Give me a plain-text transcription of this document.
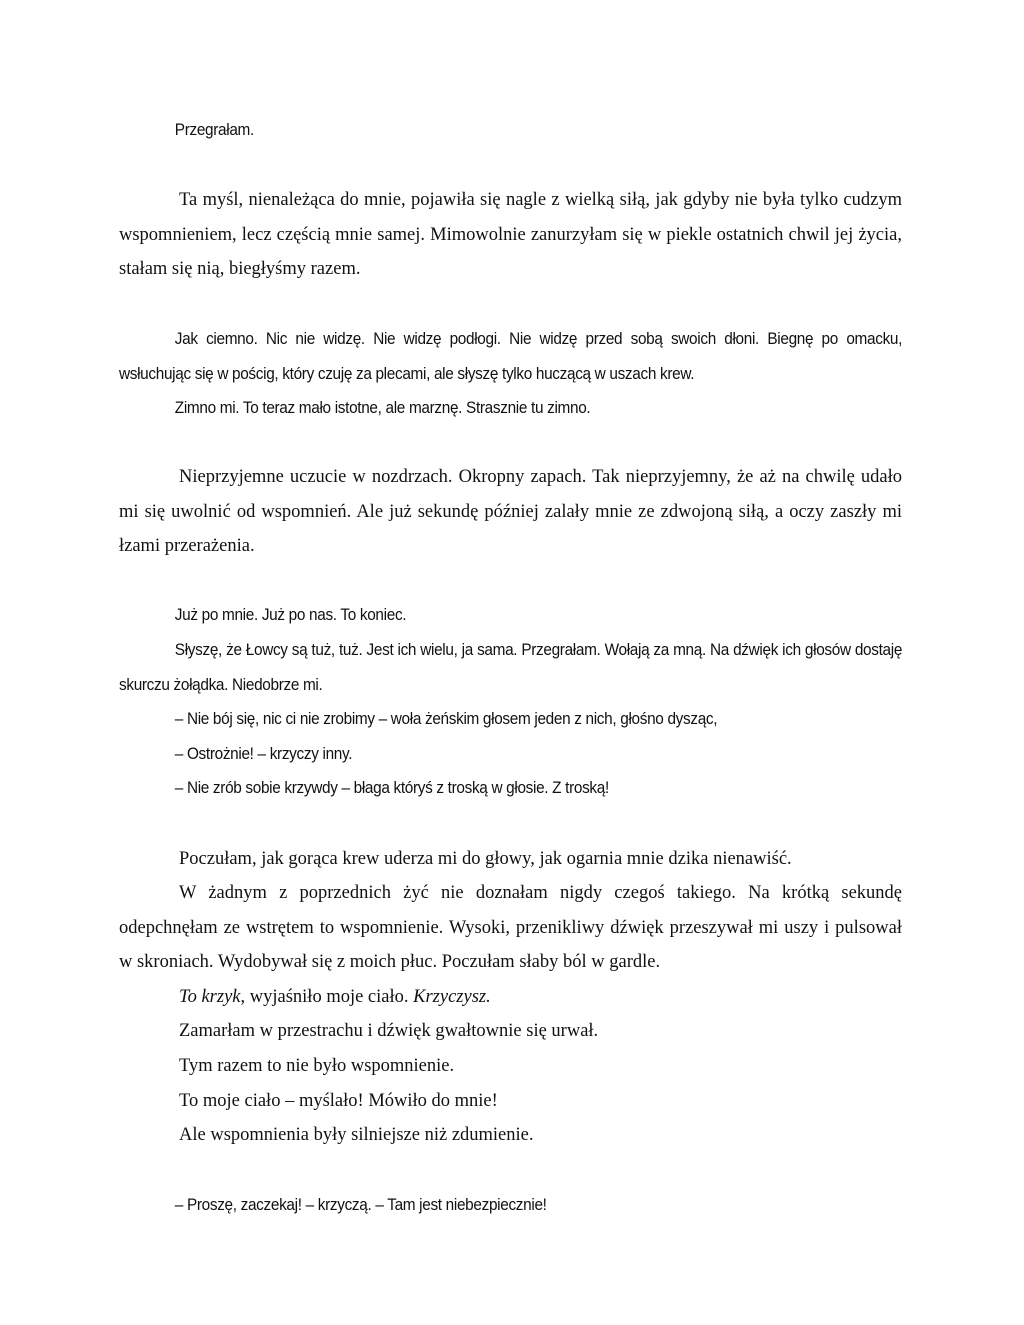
Przegrałam.

Ta myśl, nienależąca do mnie, pojawiła się nagle z wielką siłą, jak gdyby nie była tylko cudzym wspomnieniem, lecz częścią mnie samej. Mimowolnie zanurzyłam się w piekle ostatnich chwil jej życia, stałam się nią, biegłyśmy razem.

Jak ciemno. Nic nie widzę. Nie widzę podłogi. Nie widzę przed sobą swoich dłoni. Biegnę po omacku, wsłuchując się w pościg, który czuję za plecami, ale słyszę tylko huczącą w uszach krew.

Zimno mi. To teraz mało istotne, ale marznę. Strasznie tu zimno.

Nieprzyjemne uczucie w nozdrzach. Okropny zapach. Tak nieprzyjemny, że aż na chwilę udało mi się uwolnić od wspomnień. Ale już sekundę później zalały mnie ze zdwojoną siłą, a oczy zaszły mi łzami przerażenia.

Już po mnie. Już po nas. To koniec.

Słyszę, że Łowcy są tuż, tuż. Jest ich wielu, ja sama. Przegrałam. Wołają za mną. Na dźwięk ich głosów dostaję skurczu żołądka. Niedobrze mi.

– Nie bój się, nic ci nie zrobimy – woła żeńskim głosem jeden z nich, głośno dysząc,

– Ostrożnie! – krzyczy inny.

– Nie zrób sobie krzywdy – błaga któryś z troską w głosie. Z troską!

Poczułam, jak gorąca krew uderza mi do głowy, jak ogarnia mnie dzika nienawiść.

W żadnym z poprzednich żyć nie doznałam nigdy czegoś takiego. Na krótką sekundę odepchnęłam ze wstrętem to wspomnienie. Wysoki, przenikliwy dźwięk przeszywał mi uszy i pulsował w skroniach. Wydobywał się z moich płuc. Poczułam słaby ból w gardle.

To krzyk, wyjaśniło moje ciało. Krzyczysz.

Zamarłam w przestrachu i dźwięk gwałtownie się urwał.

Tym razem to nie było wspomnienie.

To moje ciało – myślało! Mówiło do mnie!

Ale wspomnienia były silniejsze niż zdumienie.

– Proszę, zaczekaj! – krzyczą. – Tam jest niebezpiecznie!
